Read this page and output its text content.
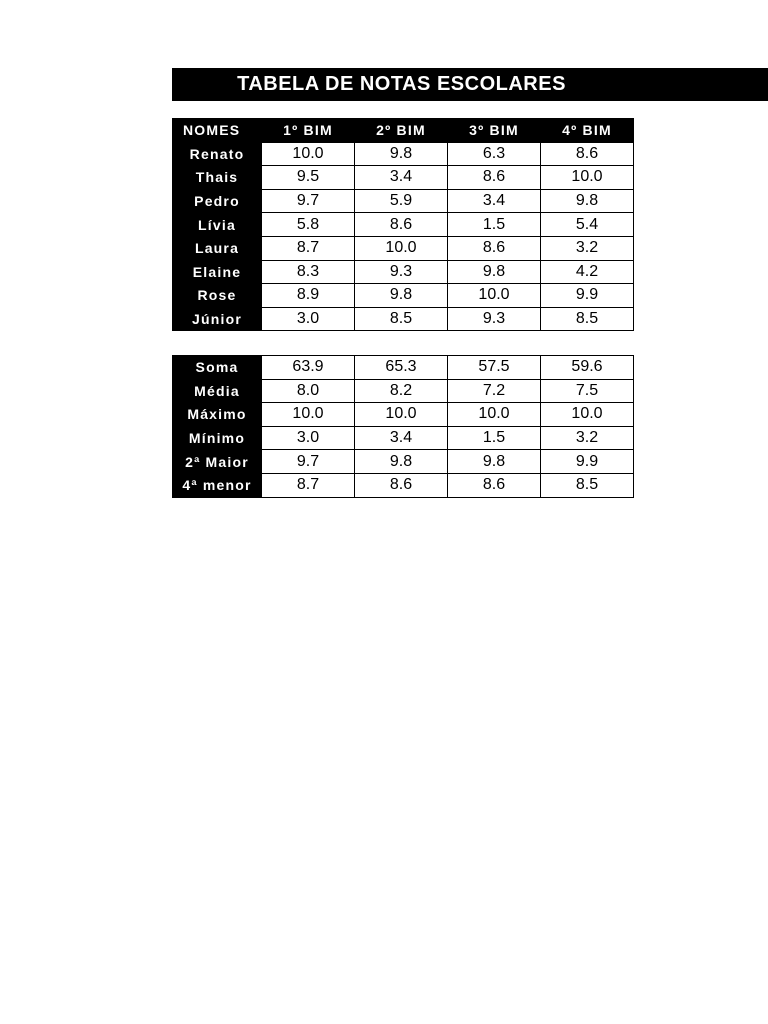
TABELA DE NOTAS ESCOLARES
NOMES	1º BIM	2º BIM	3º BIM	4º BIM
Renato	10.0	9.8	6.3	8.6
Thais	9.5	3.4	8.6	10.0
Pedro	9.7	5.9	3.4	9.8
Lívia	5.8	8.6	1.5	5.4
Laura	8.7	10.0	8.6	3.2
Elaine	8.3	9.3	9.8	4.2
Rose	8.9	9.8	10.0	9.9
Júnior	3.0	8.5	9.3	8.5
Soma	63.9	65.3	57.5	59.6
Média	8.0	8.2	7.2	7.5
Máximo	10.0	10.0	10.0	10.0
Mínimo	3.0	3.4	1.5	3.2
2ª Maior	9.7	9.8	9.8	9.9
4ª menor	8.7	8.6	8.6	8.5
